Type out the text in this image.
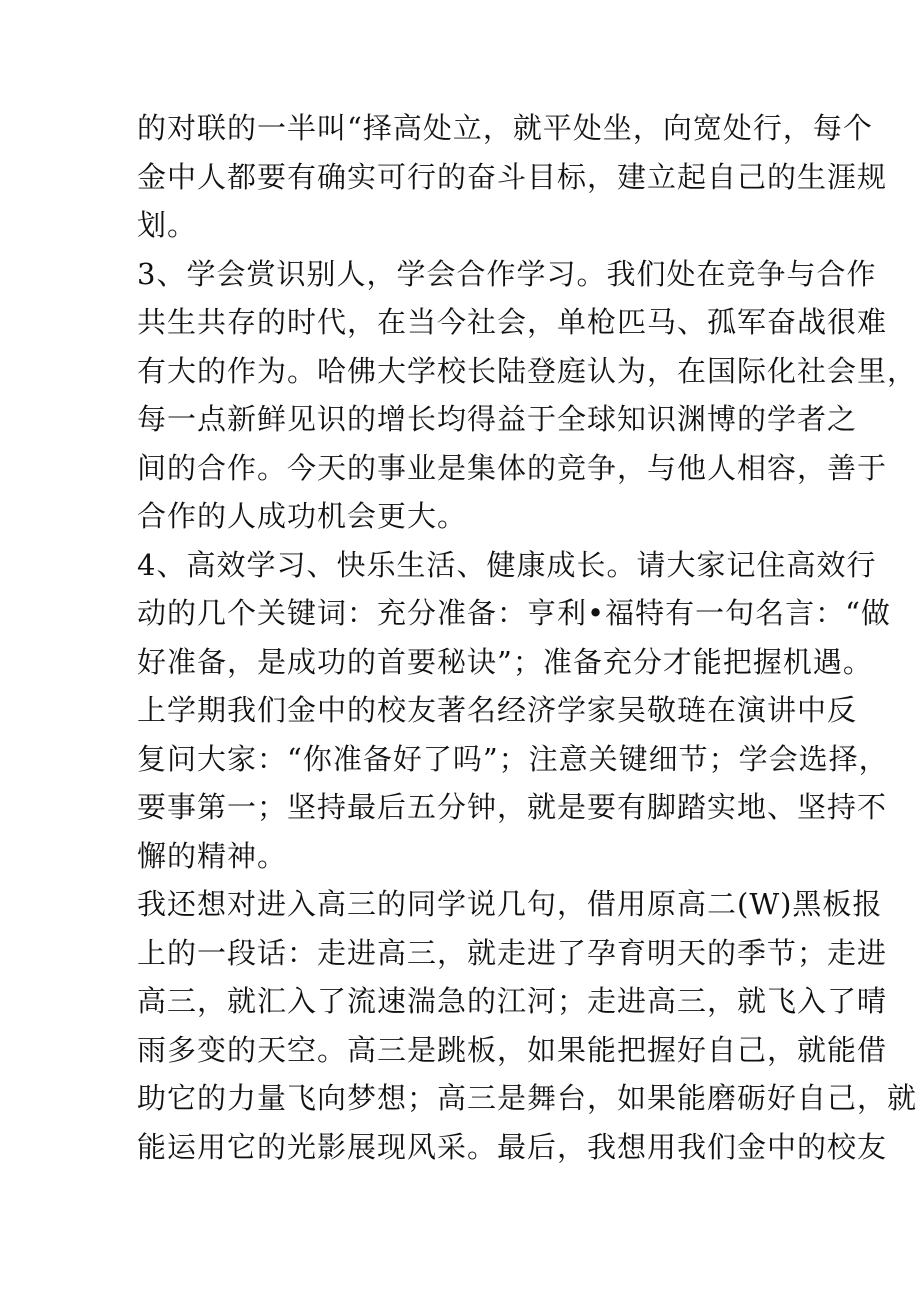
的对联的一半叫“择高处立，就平处坐，向宽处行，每个
金中人都要有确实可行的奋斗目标，建立起自己的生涯规
划。
3、学会赏识别人，学会合作学习。我们处在竞争与合作
共生共存的时代，在当今社会，单枪匹马、孤军奋战很难
有大的作为。哈佛大学校长陆登庭认为，在国际化社会里，
每一点新鲜见识的增长均得益于全球知识渊博的学者之
间的合作。今天的事业是集体的竞争，与他人相容，善于
合作的人成功机会更大。
4、高效学习、快乐生活、健康成长。请大家记住高效行
动的几个关键词：充分准备：亨利•福特有一句名言：“做
好准备，是成功的首要秘诀”；准备充分才能把握机遇。
上学期我们金中的校友著名经济学家吴敬琏在演讲中反
复问大家：“你准备好了吗”；注意关键细节；学会选择，
要事第一；坚持最后五分钟，就是要有脚踏实地、坚持不
懈的精神。
我还想对进入高三的同学说几句，借用原高二(W)黑板报
上的一段话：走进高三，就走进了孕育明天的季节；走进
高三，就汇入了流速湍急的江河；走进高三，就飞入了晴
雨多变的天空。高三是跳板，如果能把握好自己，就能借
助它的力量飞向梦想；高三是舞台，如果能磨砺好自己，就
能运用它的光影展现风采。最后，我想用我们金中的校友
